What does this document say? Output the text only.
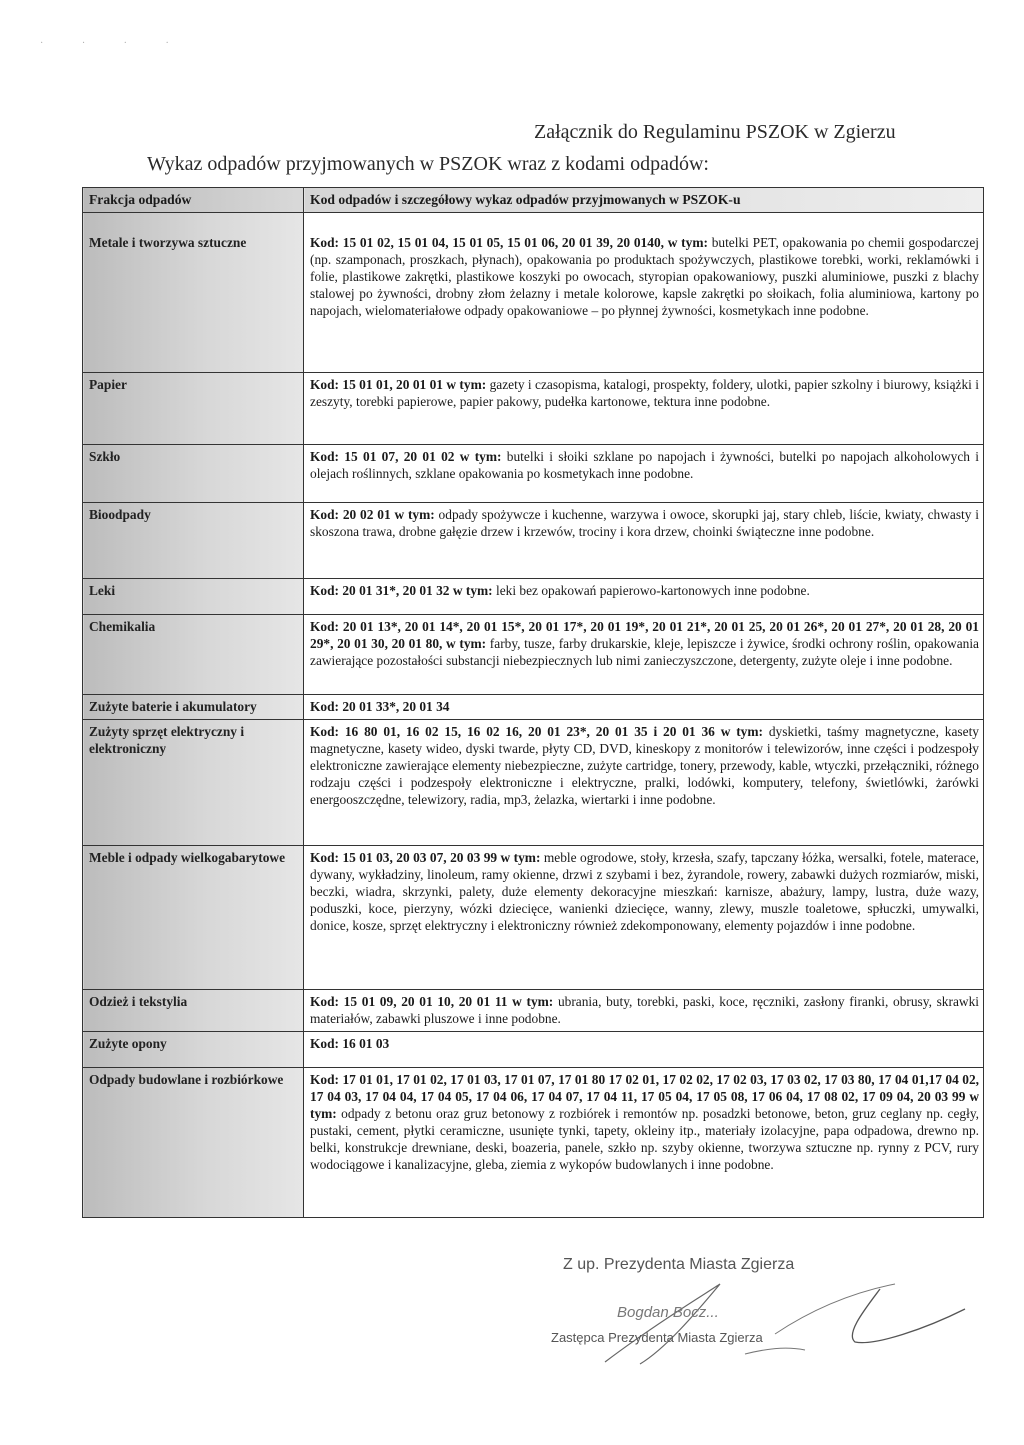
· · · ·
Załącznik do Regulaminu PSZOK w Zgierzu
Wykaz odpadów przyjmowanych w PSZOK wraz z kodami odpadów:
Frakcja odpadów	Kod odpadów i szczegółowy wykaz odpadów przyjmowanych w PSZOK-u
Metale i tworzywa sztuczne	Kod: 15 01 02, 15 01 04, 15 01 05, 15 01 06, 20 01 39, 20 0140, w tym: butelki PET, opakowania po chemii gospodarczej (np. szamponach, proszkach, płynach), opakowania po produktach spożywczych, plastikowe torebki, worki, reklamówki i folie, plastikowe zakrętki, plastikowe koszyki po owocach, styropian opakowaniowy, puszki aluminiowe, puszki z blachy stalowej po żywności, drobny złom żelazny i metale kolorowe, kapsle zakrętki po słoikach, folia aluminiowa, kartony po napojach, wielomateriałowe odpady opakowaniowe – po płynnej żywności, kosmetykach inne podobne.
Papier	Kod: 15 01 01, 20 01 01 w tym: gazety i czasopisma, katalogi, prospekty, foldery, ulotki, papier szkolny i biurowy, książki i zeszyty, torebki papierowe, papier pakowy, pudełka kartonowe, tektura inne podobne.
Szkło	Kod: 15 01 07, 20 01 02 w tym: butelki i słoiki szklane po napojach i żywności, butelki po napojach alkoholowych i olejach roślinnych, szklane opakowania po kosmetykach inne podobne.
Bioodpady	Kod: 20 02 01 w tym: odpady spożywcze i kuchenne, warzywa i owoce, skorupki jaj, stary chleb, liście, kwiaty, chwasty i skoszona trawa, drobne gałęzie drzew i krzewów, trociny i kora drzew, choinki świąteczne inne podobne.
Leki	Kod: 20 01 31*, 20 01 32 w tym: leki bez opakowań papierowo-kartonowych inne podobne.
Chemikalia	Kod: 20 01 13*, 20 01 14*, 20 01 15*, 20 01 17*, 20 01 19*, 20 01 21*, 20 01 25, 20 01 26*, 20 01 27*, 20 01 28, 20 01 29*, 20 01 30, 20 01 80, w tym: farby, tusze, farby drukarskie, kleje, lepiszcze i żywice, środki ochrony roślin, opakowania zawierające pozostałości substancji niebezpiecznych lub nimi zanieczyszczone, detergenty, zużyte oleje i inne podobne.
Zużyte baterie i akumulatory	Kod: 20 01 33*, 20 01 34
Zużyty sprzęt elektryczny i elektroniczny	Kod: 16 80 01, 16 02 15, 16 02 16, 20 01 23*, 20 01 35 i 20 01 36 w tym: dyskietki, taśmy magnetyczne, kasety magnetyczne, kasety wideo, dyski twarde, płyty CD, DVD, kineskopy z monitorów i telewizorów, inne części i podzespoły elektroniczne zawierające elementy niebezpieczne, zużyte cartridge, tonery, przewody, kable, wtyczki, przełączniki, różnego rodzaju części i podzespoły elektroniczne i elektryczne, pralki, lodówki, komputery, telefony, świetlówki, żarówki energooszczędne, telewizory, radia, mp3, żelazka, wiertarki i inne podobne.
Meble i odpady wielkogabarytowe	Kod: 15 01 03, 20 03 07, 20 03 99 w tym: meble ogrodowe, stoły, krzesła, szafy, tapczany łóżka, wersalki, fotele, materace, dywany, wykładziny, linoleum, ramy okienne, drzwi z szybami i bez, żyrandole, rowery, zabawki dużych rozmiarów, miski, beczki, wiadra, skrzynki, palety, duże elementy dekoracyjne mieszkań: karnisze, abażury, lampy, lustra, duże wazy, poduszki, koce, pierzyny, wózki dziecięce, wanienki dziecięce, wanny, zlewy, muszle toaletowe, spłuczki, umywalki, donice, kosze, sprzęt elektryczny i elektroniczny również zdekomponowany, elementy pojazdów i inne podobne.
Odzież i tekstylia	Kod: 15 01 09, 20 01 10, 20 01 11 w tym: ubrania, buty, torebki, paski, koce, ręczniki, zasłony firanki, obrusy, skrawki materiałów, zabawki pluszowe i inne podobne.
Zużyte opony	Kod: 16 01 03
Odpady budowlane i rozbiórkowe	Kod: 17 01 01, 17 01 02, 17 01 03, 17 01 07, 17 01 80 17 02 01, 17 02 02, 17 02 03, 17 03 02, 17 03 80, 17 04 01,17 04 02, 17 04 03, 17 04 04, 17 04 05, 17 04 06, 17 04 07, 17 04 11, 17 05 04, 17 05 08, 17 06 04, 17 08 02, 17 09 04, 20 03 99 w tym: odpady z betonu oraz gruz betonowy z rozbiórek i remontów np. posadzki betonowe, beton, gruz ceglany np. cegły, pustaki, cement, płytki ceramiczne, usunięte tynki, tapety, okleiny itp., materiały izolacyjne, papa odpadowa, drewno np. belki, konstrukcje drewniane, deski, boazeria, panele, szkło np. szyby okienne, tworzywa sztuczne np. rynny z PCV, rury wodociągowe i kanalizacyjne, gleba, ziemia z wykopów budowlanych i inne podobne.
Z up. Prezydenta Miasta Zgierza
Bogdan Bocz...
Zastępca Prezydenta Miasta Zgierza
